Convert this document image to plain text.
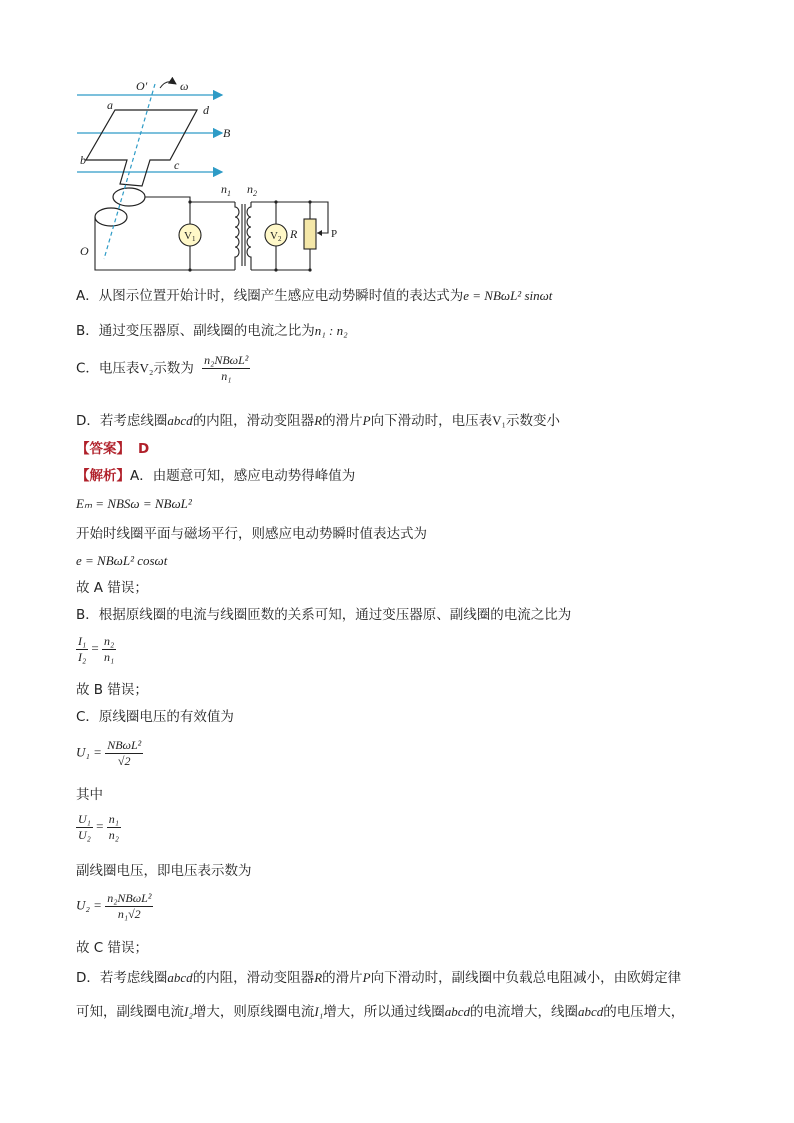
O′	ω
a	d
B
b	c
O
$n_1$ $n_2$
R
V1	V2	P
A．从图示位置开始计时，线圈产生感应电动势瞬时值的表达式为e = NBωL² sinωt
B．通过变压器原、副线圈的电流之比为n₁ : n₂
C．电压表V₂示数为 $\frac{\text{n₂NBωL²}}{\text{n₁}}$
D．若考虑线圈abcd的内阻，滑动变阻器R的滑片P向下滑动时，电压表V₁示数变小
【答案】 D
【解析】A．由题意可知，感应电动势得峰值为
Eₘ = NBSω = NBωL²
开始时线圈平面与磁场平行，则感应电动势瞬时值表达式为
e = NBωL² cosωt
故 A 错误；
B．根据原线圈的电流与线圈匝数的关系可知，通过变压器原、副线圈的电流之比为
$\frac{\text{I₁}}{\text{I₂}} = \frac{\text{n₂}}{\text{n₁}}$
故 B 错误；
C．原线圈电压的有效值为
$U_1 = \frac{\text{NBωL²}}{√2}$
其中
$\frac{\text{U₁}}{\text{U₂}} = \frac{\text{n₁}}{\text{n₂}}$
副线圈电压，即电压表示数为
$U_2 = \frac{\text{n₂NBωL²}}{\text{n₁√2}}$
故 C 错误；
D．若考虑线圈abcd的内阻，滑动变阻器R的滑片P向下滑动时，副线圈中负载总电阻减小，由欧姆定律
可知，副线圈电流I₂增大，则原线圈电流I₁增大，所以通过线圈abcd的电流增大，线圈abcd的电压增大，
